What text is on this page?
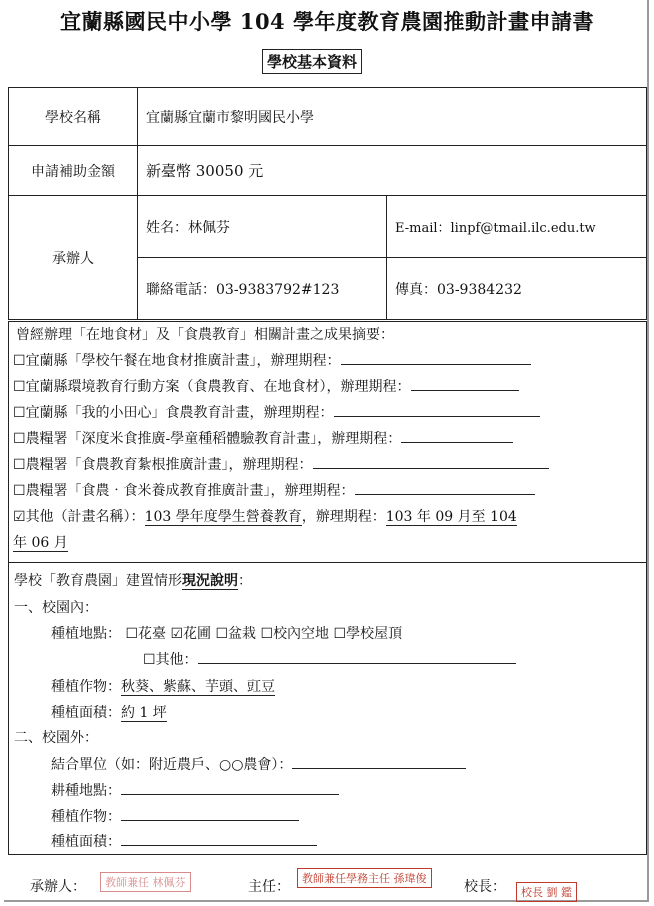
宜蘭縣國民中小學 104 學年度教育農園推動計畫申請書
學校基本資料
學校名稱	宜蘭縣宜蘭市黎明國民小學	
申請補助金額	新臺幣 30050 元	
承辦人	姓名：林佩芬	E-mail：linpf@tmail.ilc.edu.tw
	聯絡電話：03-9383792#123	傳真：03-9384232
曾經辦理「在地食材」及「食農教育」相關計畫之成果摘要：
☐宜蘭縣「學校午餐在地食材推廣計畫」，辦理期程：
☐宜蘭縣環境教育行動方案（食農教育、在地食材），辦理期程：
☐宜蘭縣「我的小田心」食農教育計畫，辦理期程：
☐農糧署「深度米食推廣-學童種稻體驗教育計畫」，辦理期程：
☐農糧署「食農教育紮根推廣計畫」，辦理期程：
☐農糧署「食農‧食米養成教育推廣計畫」，辦理期程：
☑其他（計畫名稱）：103 學年度學生營養教育，辦理期程：103 年 09 月至 104
年 06 月
學校「教育農園」建置情形現況說明：
一、校園內：
種植地點： ☐花臺 ☑花圃 ☐盆栽 ☐校內空地 ☐學校屋頂
☐其他：
種植作物：秋葵、紫蘇、芋頭、豇豆
種植面積：約 1 坪
二、校園外：
結合單位（如：附近農戶、○○農會）：
耕種地點：
種植作物：
種植面積：
承辦人：	教師兼任 林佩芬	主任：
教師兼任學務主任 孫瑋俊
校長：	校長 劉 鑑
